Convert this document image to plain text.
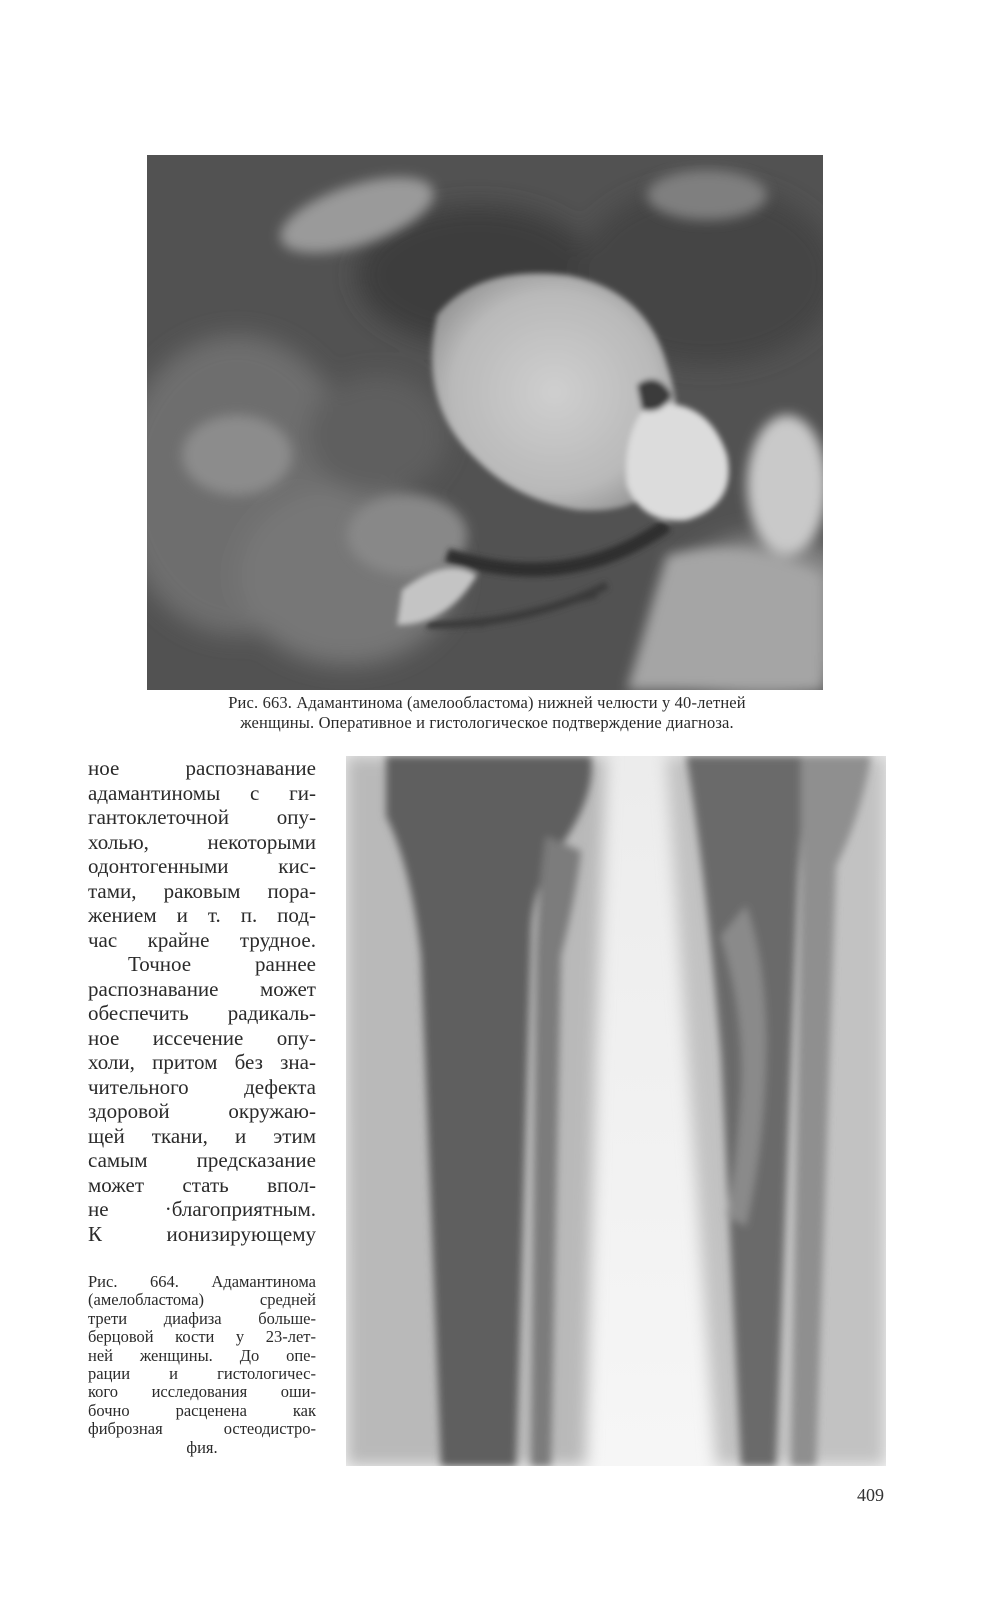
Рис. 663. Адамантинома (амелообластома) нижней челюсти у 40-летней
женщины. Оперативное и гистологическое подтверждение диагноза.
ное распознавание
адамантиномы с ги-
гантоклеточной опу-
холью, некоторыми
одонтогенными кис-
тами, раковым пора-
жением и т. п. под-
час крайне трудное.
Точное раннее
распознавание может
обеспечить радикаль-
ное иссечение опу-
холи, притом без зна-
чительного дефекта
здоровой окружаю-
щей ткани, и этим
самым предсказание
может стать впол-
не ·благоприятным.
К ионизирующему
Рис. 664. Адамантинома
(амелобластома) средней
трети диафиза больше-
берцовой кости у 23-лет-
ней женщины. До опе-
рации и гистологичес-
кого исследования оши-
бочно расценена как
фиброзная остеодистро-
фия.
409
